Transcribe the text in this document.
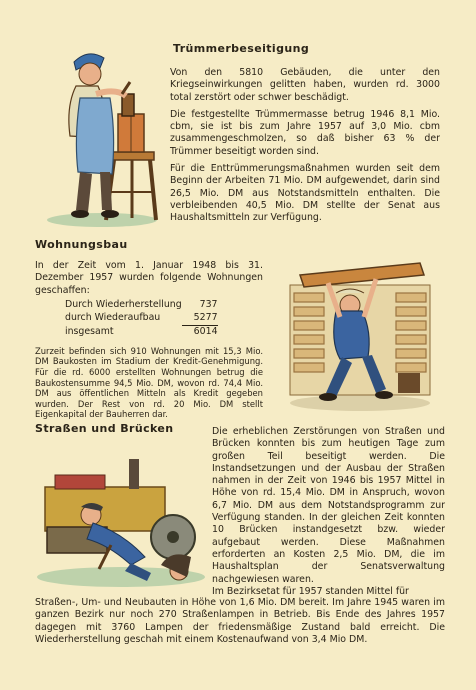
Trümmerbeseitigung

Von den 5810 Gebäuden, die unter den Kriegseinwirkungen gelitten haben, wurden rd. 3000 total zerstört oder schwer beschädigt.

Die festgestellte Trümmermasse betrug 1946 8,1 Mio. cbm, sie ist bis zum Jahre 1957 auf 3,0 Mio. cbm zusammengeschmolzen, so daß bisher 63 % der Trümmer beseitigt worden sind.

Für die Enttrümmerungsmaßnahmen wurden seit dem Beginn der Arbeiten 71 Mio. DM aufgewendet, darin sind 26,5 Mio. DM aus Notstandsmitteln enthalten. Die verbleibenden 40,5 Mio. DM stellte der Senat aus Haushaltsmitteln zur Verfügung.

Wohnungsbau

In der Zeit vom 1. Januar 1948 bis 31. Dezember 1957 wurden folgende Wohnungen geschaffen:

Durch Wiederherstellung	737
durch Wiederaufbau	5277
insgesamt	6014

Zurzeit befinden sich 910 Wohnungen mit 15,3 Mio. DM Baukosten im Stadium der Kredit-Genehmigung. Für die rd. 6000 erstellten Wohnungen betrug die Baukostensumme 94,5 Mio. DM, wovon rd. 74,4 Mio. DM aus öffentlichen Mitteln als Kredit gegeben wurden. Der Rest von rd. 20 Mio. DM stellt Eigenkapital der Bauherren dar.

Straßen und Brücken	Die erheblichen Zerstörungen von Straßen und Brücken konnten bis zum heutigen Tage zum großen Teil beseitigt werden. Die Instandsetzungen und der Ausbau der Straßen nahmen in der Zeit von 1946 bis 1957 Mittel in Höhe von rd. 15,4 Mio. DM in Anspruch, wovon 6,7 Mio. DM aus dem Notstandsprogramm zur Verfügung standen. In der gleichen Zeit konnten 10 Brücken instandgesetzt bzw. wieder aufgebaut werden. Diese Maßnahmen erforderten an Kosten 2,5 Mio. DM, die im Haushaltsplan der Senatsverwaltung nachgewiesen waren.

Im Bezirksetat für 1957 standen Mittel für

Straßen-, Um- und Neubauten in Höhe von 1,6 Mio. DM bereit. Im Jahre 1945 waren im ganzen Bezirk nur noch 270 Straßenlampen in Betrieb. Bis Ende des Jahres 1957 dagegen mit 3760 Lampen der friedensmäßige Zustand bald erreicht. Die Wiederherstellung geschah mit einem Kostenaufwand von 3,4 Mio DM.
